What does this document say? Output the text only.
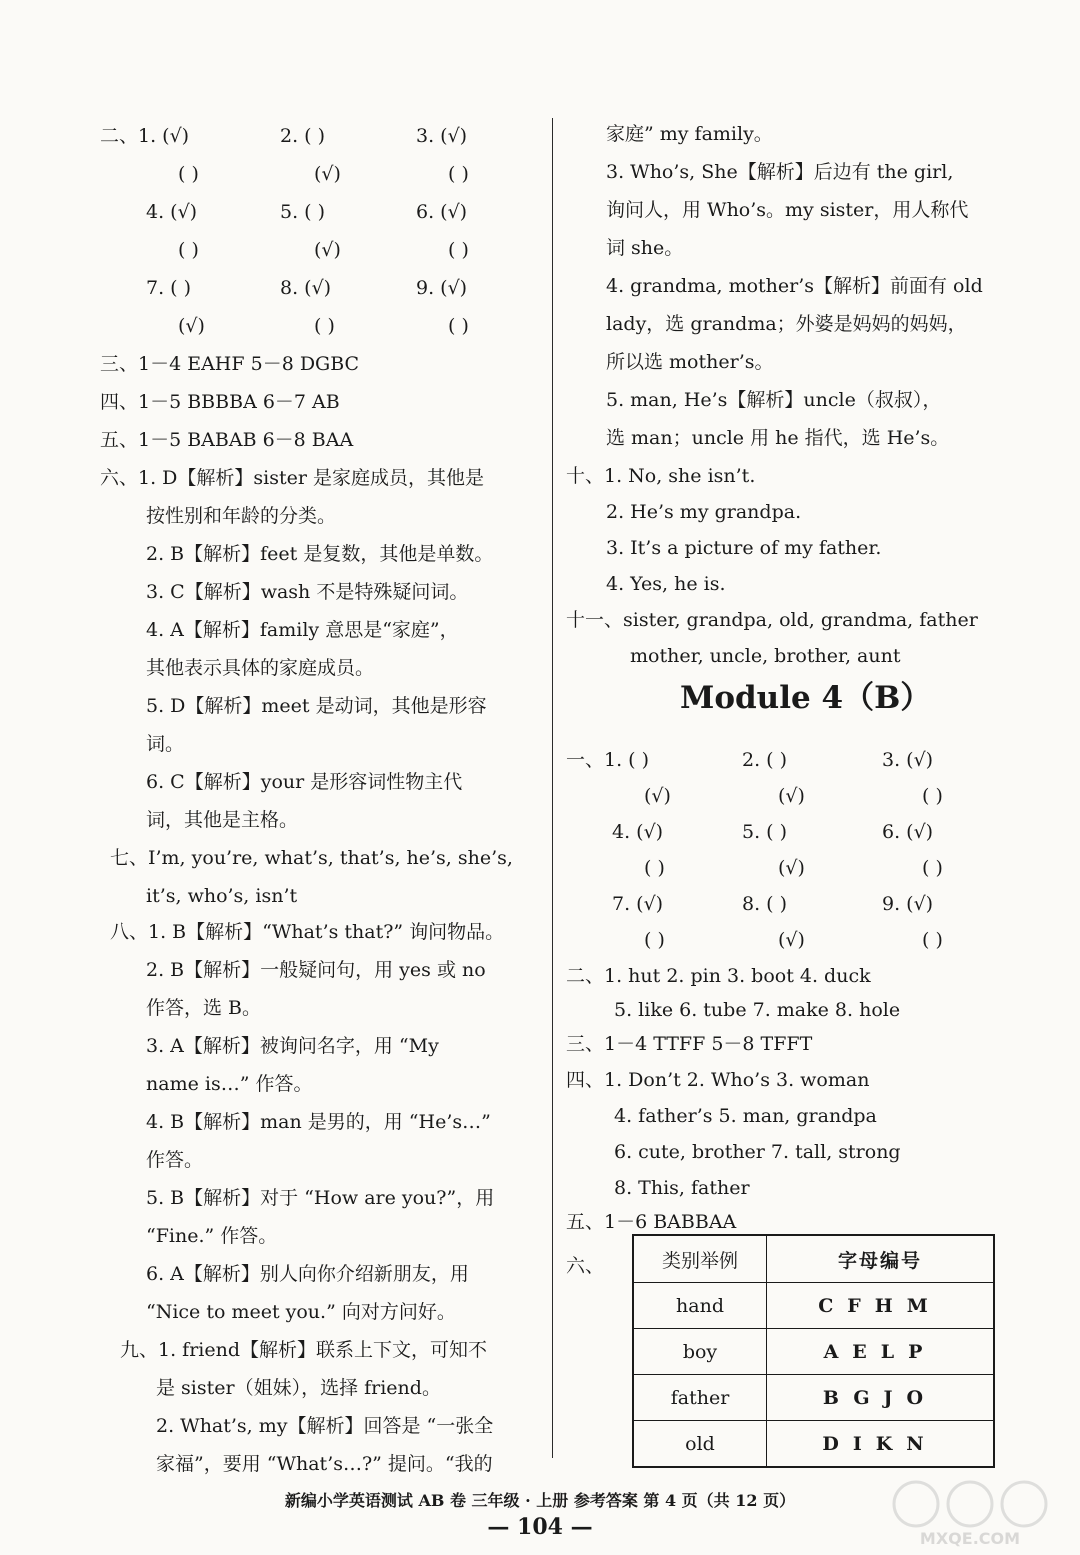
二、1. (√)	2. ( )	3. (√)
( )	(√)	( )
4. (√)	5. ( )	6. (√)
( )	(√)	( )
7. ( )	8. (√)	9. (√)
(√)	( )	( )
三、1－4 EAHF 5－8 DGBC
四、1－5 BBBBA 6－7 AB
五、1－5 BABAB 6－8 BAA
六、1. D【解析】sister 是家庭成员，其他是
按性别和年龄的分类。
2. B【解析】feet 是复数，其他是单数。
3. C【解析】wash 不是特殊疑问词。
4. A【解析】family 意思是“家庭”，
其他表示具体的家庭成员。
5. D【解析】meet 是动词，其他是形容
词。
6. C【解析】your 是形容词性物主代
词，其他是主格。
七、I’m, you’re, what’s, that’s, he’s, she’s,
it’s, who’s, isn’t
八、1. B【解析】“What’s that?” 询问物品。
2. B【解析】一般疑问句，用 yes 或 no
作答，选 B。
3. A【解析】被询问名字，用 “My
name is…” 作答。
4. B【解析】man 是男的，用 “He’s…”
作答。
5. B【解析】对于 “How are you?”，用
“Fine.” 作答。
6. A【解析】别人向你介绍新朋友，用
“Nice to meet you.” 向对方问好。
九、1. friend【解析】联系上下文，可知不
是 sister（姐妹），选择 friend。
2. What’s, my【解析】回答是 “一张全
家福”，要用 “What’s…?” 提问。“我的
家庭” my family。
3. Who’s, She【解析】后边有 the girl,
询问人，用 Who’s。my sister，用人称代
词 she。
4. grandma, mother’s【解析】前面有 old
lady，选 grandma；外婆是妈妈的妈妈，
所以选 mother’s。
5. man, He’s【解析】uncle（叔叔），
选 man；uncle 用 he 指代，选 He’s。
十、1. No, she isn’t.
2. He’s my grandpa.
3. It’s a picture of my father.
4. Yes, he is.
十一、sister, grandpa, old, grandma, father
mother, uncle, brother, aunt
一、1. ( )	2. ( )	3. (√)
(√)	(√)	( )
4. (√)	5. ( )	6. (√)
( )	(√)	( )
7. (√)	8. ( )	9. (√)
( )	(√)	( )
二、1. hut 2. pin 3. boot 4. duck
5. like 6. tube 7. make 8. hole
三、1－4 TTFF 5－8 TFFT
四、1. Don’t 2. Who’s 3. woman
4. father’s 5. man, grandpa
6. cute, brother 7. tall, strong
8. This, father
五、1－6 BABBAA
六、
Module 4（B）
类别举例	字母编号
hand	CFHM
boy	AELP
father	BGJO
old	DIKN
新编小学英语测试 AB 卷 三年级 · 上册 参考答案 第 4 页（共 12 页）
— 104 —	MXQE.COM
